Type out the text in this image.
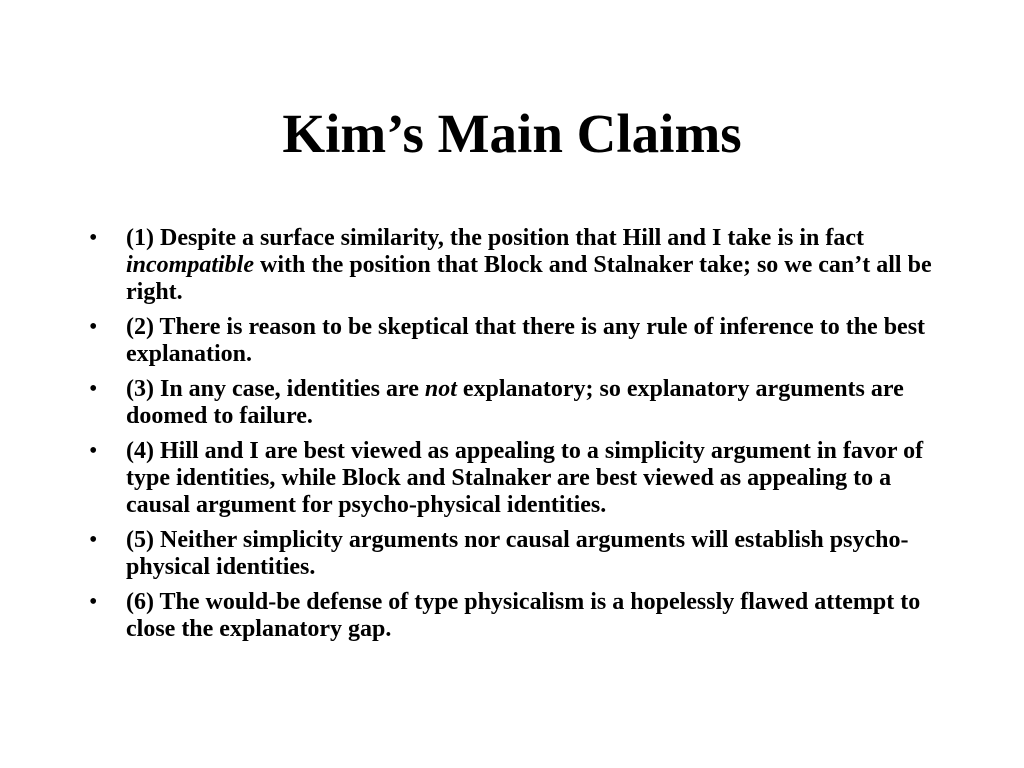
Kim’s Main Claims
• (1) Despite a surface similarity, the position that Hill and I take is in fact incompatible with the position that Block and Stalnaker take; so we can’t all be right.
• (2) There is reason to be skeptical that there is any rule of inference to the best explanation.
• (3) In any case, identities are not explanatory; so explanatory arguments are doomed to failure.
• (4) Hill and I are best viewed as appealing to a simplicity argument in favor of type identities, while Block and Stalnaker are best viewed as appealing to a causal argument for psycho-physical identities.
• (5) Neither simplicity arguments nor causal arguments will establish psycho-physical identities.
• (6) The would-be defense of type physicalism is a hopelessly flawed attempt to close the explanatory gap.
